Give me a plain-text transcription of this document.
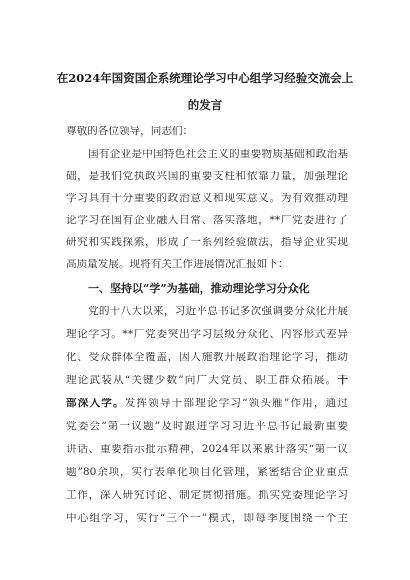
在2024年国资国企系统理论学习中心组学习经验交流会上
的发言
尊敬的各位领导，同志们：
国有企业是中国特色社会主义的重要物质基础和政治基
础，是我们党执政兴国的重要支柱和依靠力量，加强理论
学习具有十分重要的政治意义和现实意义。为有效推动理
论学习在国有企业融入日常、落实落地，**厂党委进行了
研究和实践探索，形成了一系列经验做法，指导企业实现
高质量发展。现将有关工作进展情况汇报如下：
一、坚持以“学”为基础，推动理论学习分众化
党的十八大以来，习近平总书记多次强调要分众化开展
理论学习。**厂党委突出学习层级分众化、内容形式差异
化、受众群体全覆盖，因人施教开展政治理论学习，推动
理论武装从“关键少数”向广大党员、职工群众拓展。干
部深入学。发挥领导干部理论学习“领头雁”作用，通过
党委会“第一议题”及时跟进学习习近平总书记最新重要
讲话、重要指示批示精神，2024年以来累计落实“第一议
题”80余项，实行表单化项目化管理，紧密结合企业重点
工作，深入研究讨论、制定贯彻措施。抓实党委理论学习
中心组学习，实行“三个一”模式，即每季度围绕一个主
